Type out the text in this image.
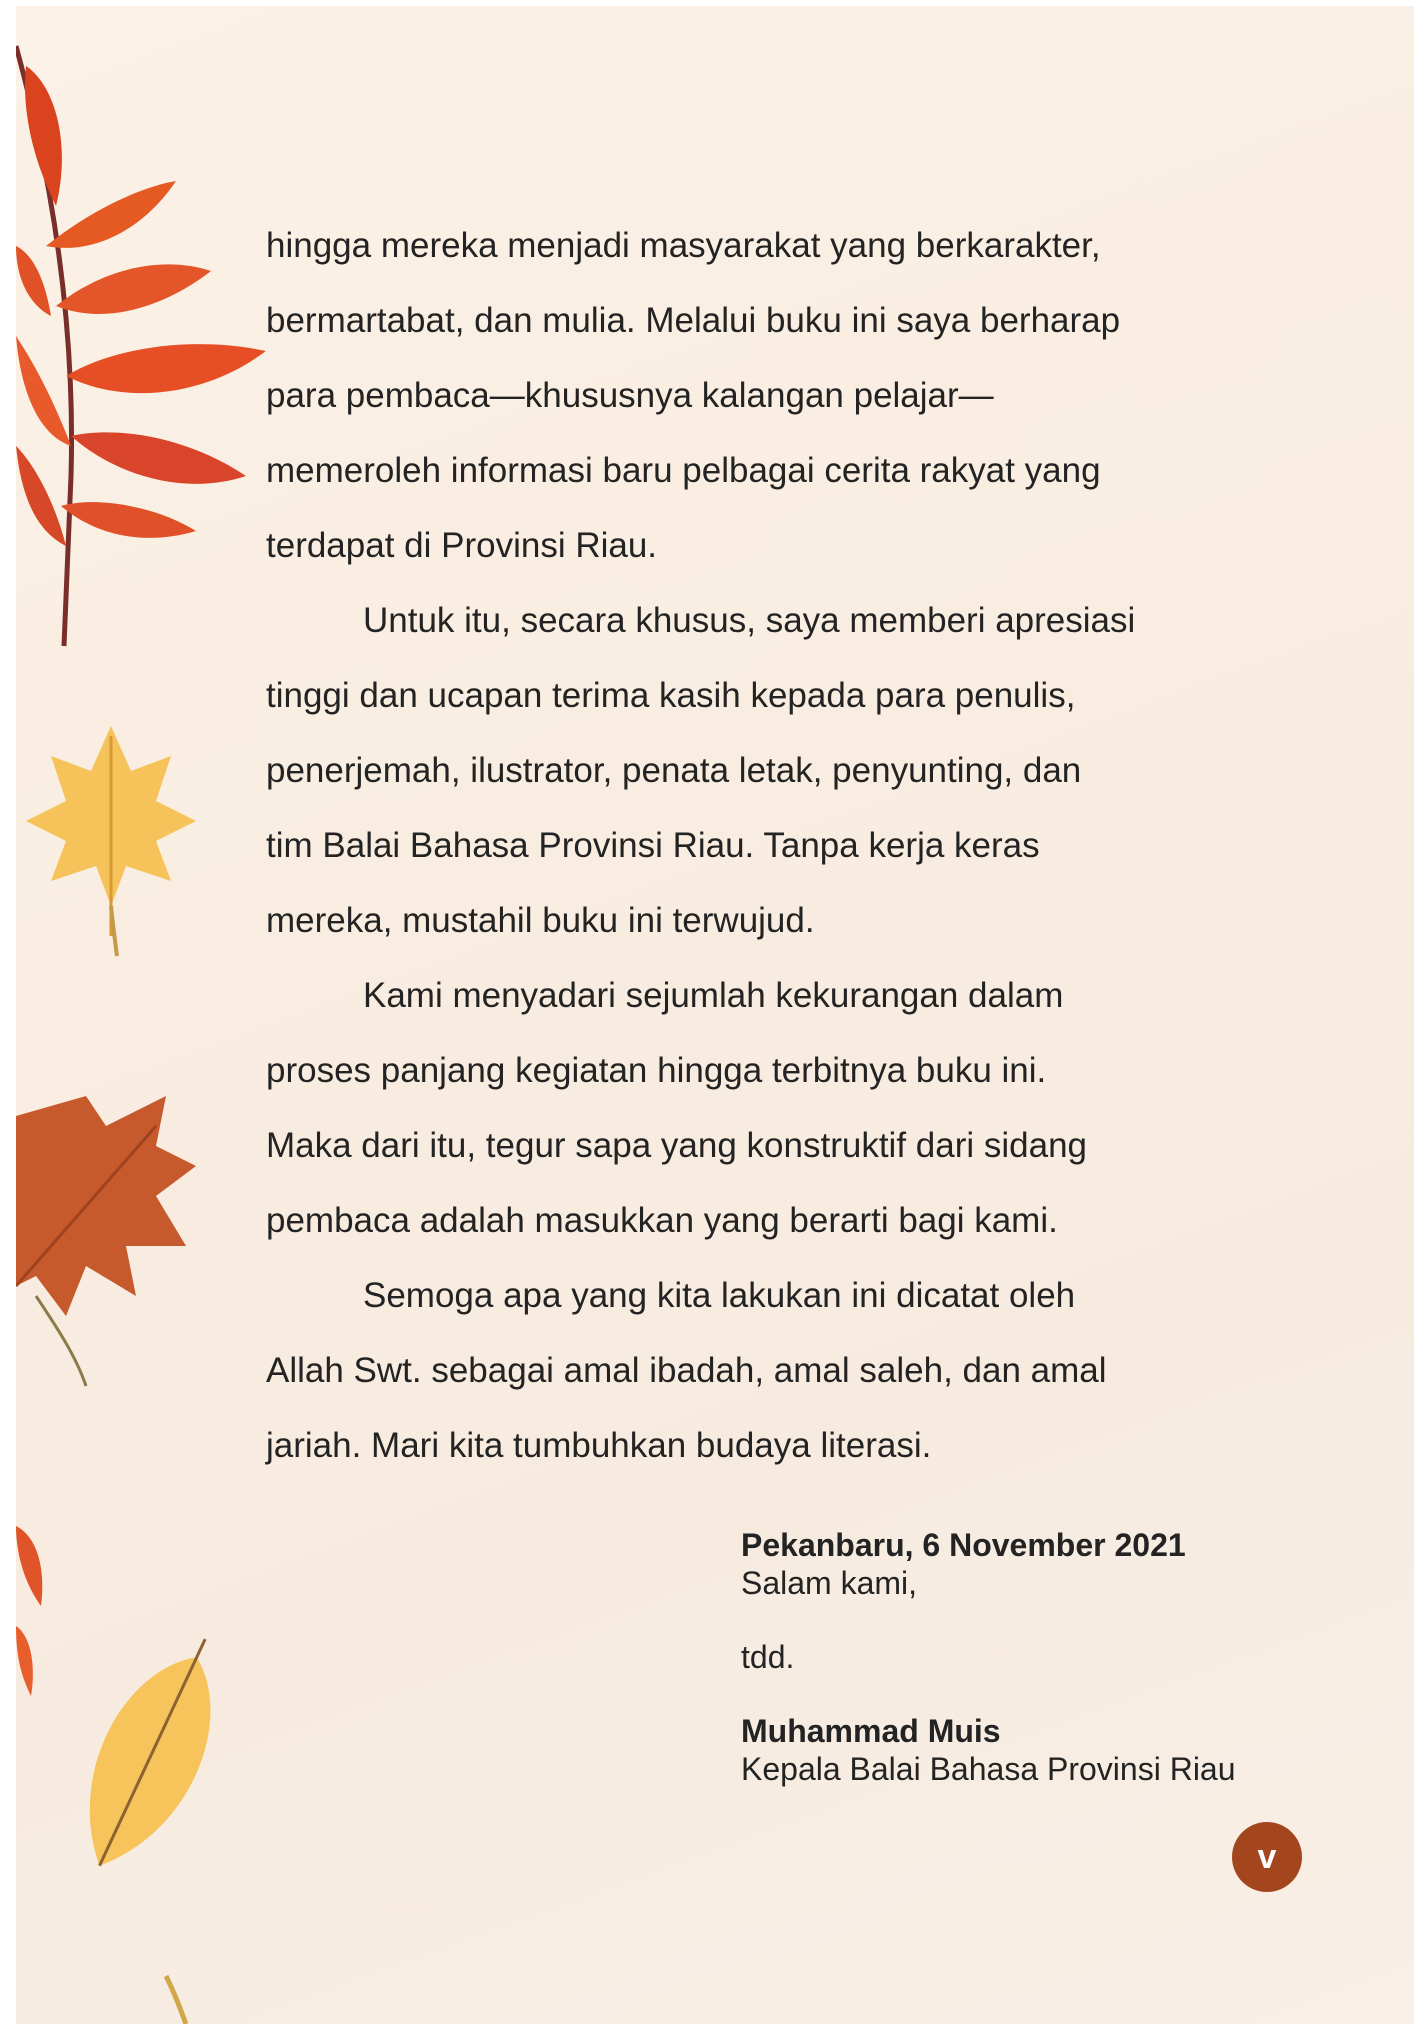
hingga mereka menjadi masyarakat yang berkarakter,
bermartabat, dan mulia. Melalui buku ini saya berharap
para pembaca—khususnya kalangan pelajar—
memeroleh informasi baru pelbagai cerita rakyat yang
terdapat di Provinsi Riau.

Untuk itu, secara khusus, saya memberi apresiasi
tinggi dan ucapan terima kasih kepada para penulis,
penerjemah, ilustrator, penata letak, penyunting, dan
tim Balai Bahasa Provinsi Riau. Tanpa kerja keras
mereka, mustahil buku ini terwujud.

Kami menyadari sejumlah kekurangan dalam
proses panjang kegiatan hingga terbitnya buku ini.
Maka dari itu, tegur sapa yang konstruktif dari sidang
pembaca adalah masukkan yang berarti bagi kami.

Semoga apa yang kita lakukan ini dicatat oleh
Allah Swt. sebagai amal ibadah, amal saleh, dan amal
jariah. Mari kita tumbuhkan budaya literasi.

Pekanbaru, 6 November 2021
Salam kami,
tdd.
Muhammad Muis
Kepala Balai Bahasa Provinsi Riau
v
